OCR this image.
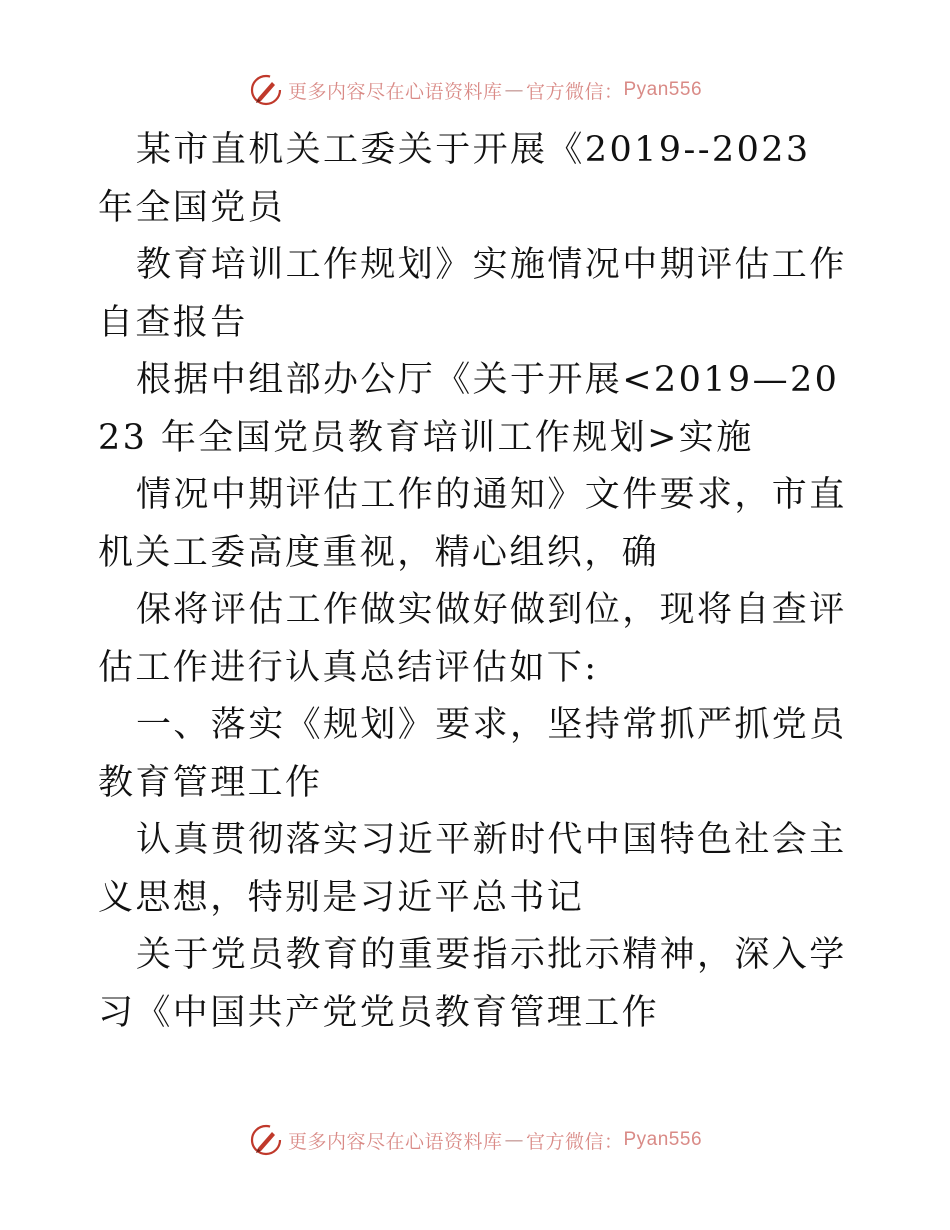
更多内容尽在心语资料库 — 官方微信： Pyan556

某市直机关工委关于开展《2019--2023 年全国党员

教育培训工作规划》实施情况中期评估工作自查报告

根据中组部办公厅《关于开展<2019—2023 年全国党员教育培训工作规划>实施

情况中期评估工作的通知》文件要求，市直机关工委高度重视，精心组织，确

保将评估工作做实做好做到位，现将自查评估工作进行认真总结评估如下:

一、落实《规划》要求，坚持常抓严抓党员教育管理工作

认真贯彻落实习近平新时代中国特色社会主义思想，特别是习近平总书记

关于党员教育的重要指示批示精神，深入学习《中国共产党党员教育管理工作

更多内容尽在心语资料库 — 官方微信： Pyan556
